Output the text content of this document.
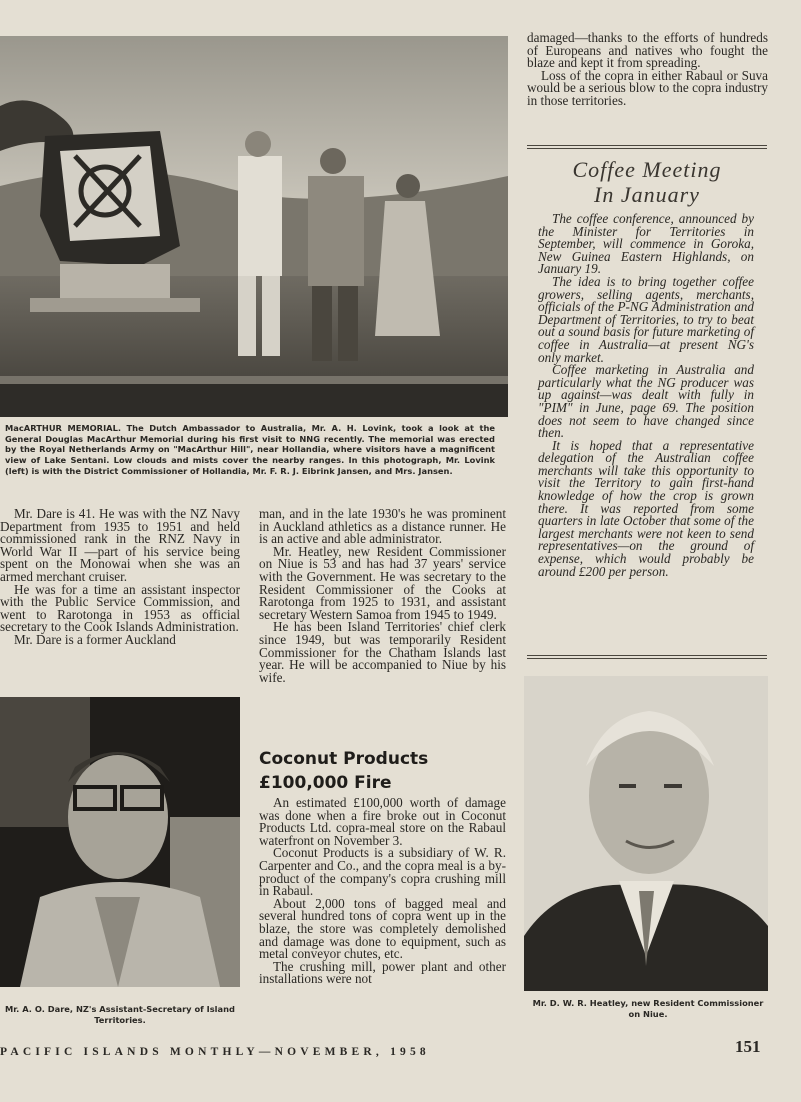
MacARTHUR MEMORIAL. The Dutch Ambassador to Australia, Mr. A. H. Lovink, took a look at the General Douglas MacArthur Memorial during his first visit to NNG recently. The memorial was erected by the Royal Netherlands Army on "MacArthur Hill", near Hollandia, where visitors have a magnificent view of Lake Sentani. Low clouds and mists cover the nearby ranges. In this photograph, Mr. Lovink (left) is with the District Commissioner of Hollandia, Mr. F. R. J. Eibrink Jansen, and Mrs. Jansen.

damaged—thanks to the efforts of hundreds of Europeans and natives who fought the blaze and kept it from spreading.

Loss of the copra in either Rabaul or Suva would be a serious blow to the copra industry in those territories.

Coffee Meeting
In January

The coffee conference, announced by the Minister for Territories in September, will commence in Goroka, New Guinea Eastern Highlands, on January 19.

The idea is to bring together coffee growers, selling agents, merchants, officials of the P-NG Administration and Department of Territories, to try to beat out a sound basis for future marketing of coffee in Australia—at present NG's only market.

Coffee marketing in Australia and particularly what the NG producer was up against—was dealt with fully in "PIM" in June, page 69. The position does not seem to have changed since then.

It is hoped that a representative delegation of the Australian coffee merchants will take this opportunity to visit the Territory to gain first-hand knowledge of how the crop is grown there. It was reported from some quarters in late October that some of the largest merchants were not keen to send representatives—on the ground of expense, which would probably be around £200 per person.

Mr. Dare is 41. He was with the NZ Navy Department from 1935 to 1951 and held commissioned rank in the RNZ Navy in World War II —part of his service being spent on the Monowai when she was an armed merchant cruiser.

He was for a time an assistant inspector with the Public Service Commission, and went to Rarotonga in 1953 as official secretary to the Cook Islands Administration.

Mr. Dare is a former Auckland

Mr. A. O. Dare, NZ's Assistant-Secretary of Island Territories.

man, and in the late 1930's he was prominent in Auckland athletics as a distance runner. He is an active and able administrator.

Mr. Heatley, new Resident Commissioner on Niue is 53 and has had 37 years' service with the Government. He was secretary to the Resident Commissioner of the Cooks at Rarotonga from 1925 to 1931, and assistant secretary Western Samoa from 1945 to 1949.

He has been Island Territories' chief clerk since 1949, but was temporarily Resident Commissioner for the Chatham Islands last year. He will be accompanied to Niue by his wife.

Coconut Products
£100,000 Fire

An estimated £100,000 worth of damage was done when a fire broke out in Coconut Products Ltd. copra-meal store on the Rabaul waterfront on November 3.

Coconut Products is a subsidiary of W. R. Carpenter and Co., and the copra meal is a by-product of the company's copra crushing mill in Rabaul.

About 2,000 tons of bagged meal and several hundred tons of copra went up in the blaze, the store was completely demolished and damage was done to equipment, such as metal conveyor chutes, etc.

The crushing mill, power plant and other installations were not

Mr. D. W. R. Heatley, new Resident Commissioner on Niue.
PACIFIC ISLANDS MONTHLY—NOVEMBER, 1958	151
